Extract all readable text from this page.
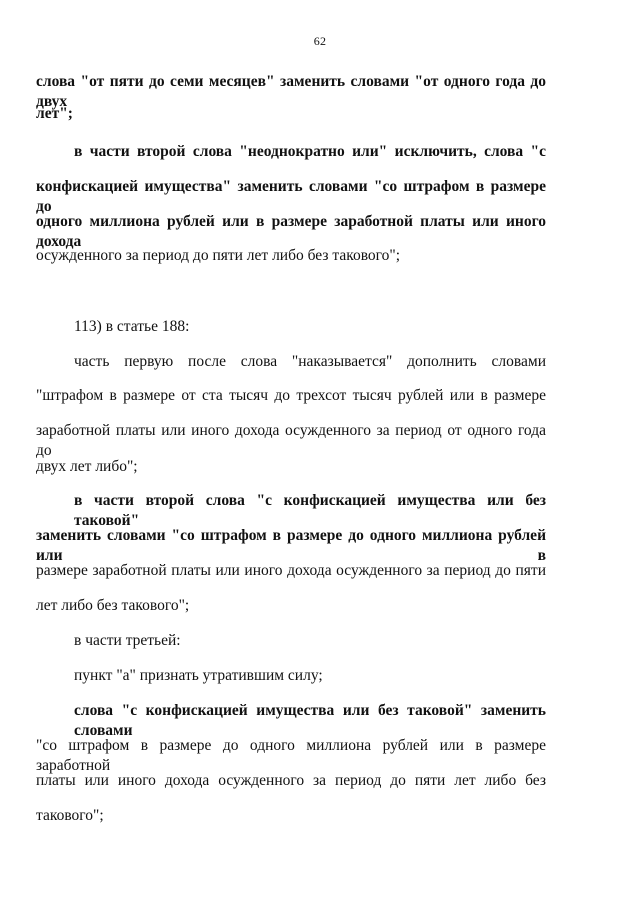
62
слова "от пяти до семи месяцев" заменить словами "от одного года до двух
лет";
в части второй слова "неоднократно или" исключить, слова "с
конфискацией имущества" заменить словами "со штрафом в размере до
одного миллиона рублей или в размере заработной платы или иного дохода
осужденного за период до пяти лет либо без такового";
113) в статье 188:
часть первую после слова "наказывается" дополнить словами
"штрафом в размере от ста тысяч до трехсот тысяч рублей или в размере
заработной платы или иного дохода осужденного за период от одного года до
двух лет либо";
в части второй слова "с конфискацией имущества или без таковой"
заменить словами "со штрафом в размере до одного миллиона рублей или в
размере заработной платы или иного дохода осужденного за период до пяти
лет либо без такового";
в части третьей:
пункт "а" признать утратившим силу;
слова "с конфискацией имущества или без таковой" заменить словами
"со штрафом в размере до одного миллиона рублей или в размере заработной
платы или иного дохода осужденного за период до пяти лет либо без
такового";
